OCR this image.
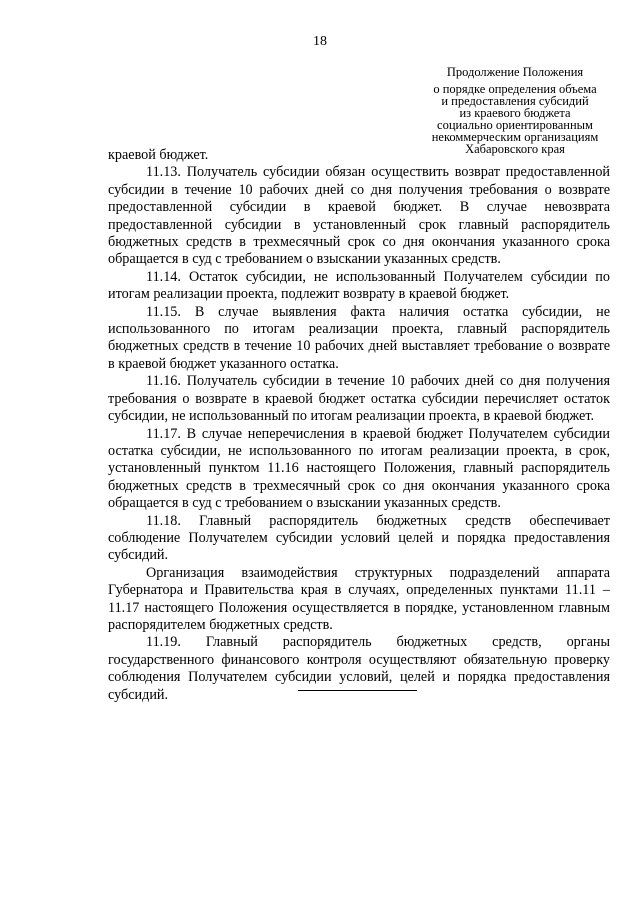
18
Продолжение Положения
о порядке определения объема
и предоставления субсидий
из краевого бюджета
социально ориентированным
некоммерческим организациям
Хабаровского края

краевой бюджет.

11.13. Получатель субсидии обязан осуществить возврат предоставленной субсидии в течение 10 рабочих дней со дня получения требования о возврате предоставленной субсидии в краевой бюджет. В случае невозврата предоставленной субсидии в установленный срок главный распорядитель бюджетных средств в трехмесячный срок со дня окончания указанного срока обращается в суд с требованием о взыскании указанных средств.

11.14. Остаток субсидии, не использованный Получателем субсидии по итогам реализации проекта, подлежит возврату в краевой бюджет.

11.15. В случае выявления факта наличия остатка субсидии, не использованного по итогам реализации проекта, главный распорядитель бюджетных средств в течение 10 рабочих дней выставляет требование о возврате в краевой бюджет указанного остатка.

11.16. Получатель субсидии в течение 10 рабочих дней со дня получения требования о возврате в краевой бюджет остатка субсидии перечисляет остаток субсидии, не использованный по итогам реализации проекта, в краевой бюджет.

11.17. В случае неперечисления в краевой бюджет Получателем субсидии остатка субсидии, не использованного по итогам реализации проекта, в срок, установленный пунктом 11.16 настоящего Положения, главный распорядитель бюджетных средств в трехмесячный срок со дня окончания указанного срока обращается в суд с требованием о взыскании указанных средств.

11.18. Главный распорядитель бюджетных средств обеспечивает соблюдение Получателем субсидии условий целей и порядка предоставления субсидий.

Организация взаимодействия структурных подразделений аппарата Губернатора и Правительства края в случаях, определенных пунктами 11.11 – 11.17 настоящего Положения осуществляется в порядке, установленном главным распорядителем бюджетных средств.

11.19. Главный распорядитель бюджетных средств, органы государственного финансового контроля осуществляют обязательную проверку соблюдения Получателем субсидии условий, целей и порядка предоставления субсидий.
